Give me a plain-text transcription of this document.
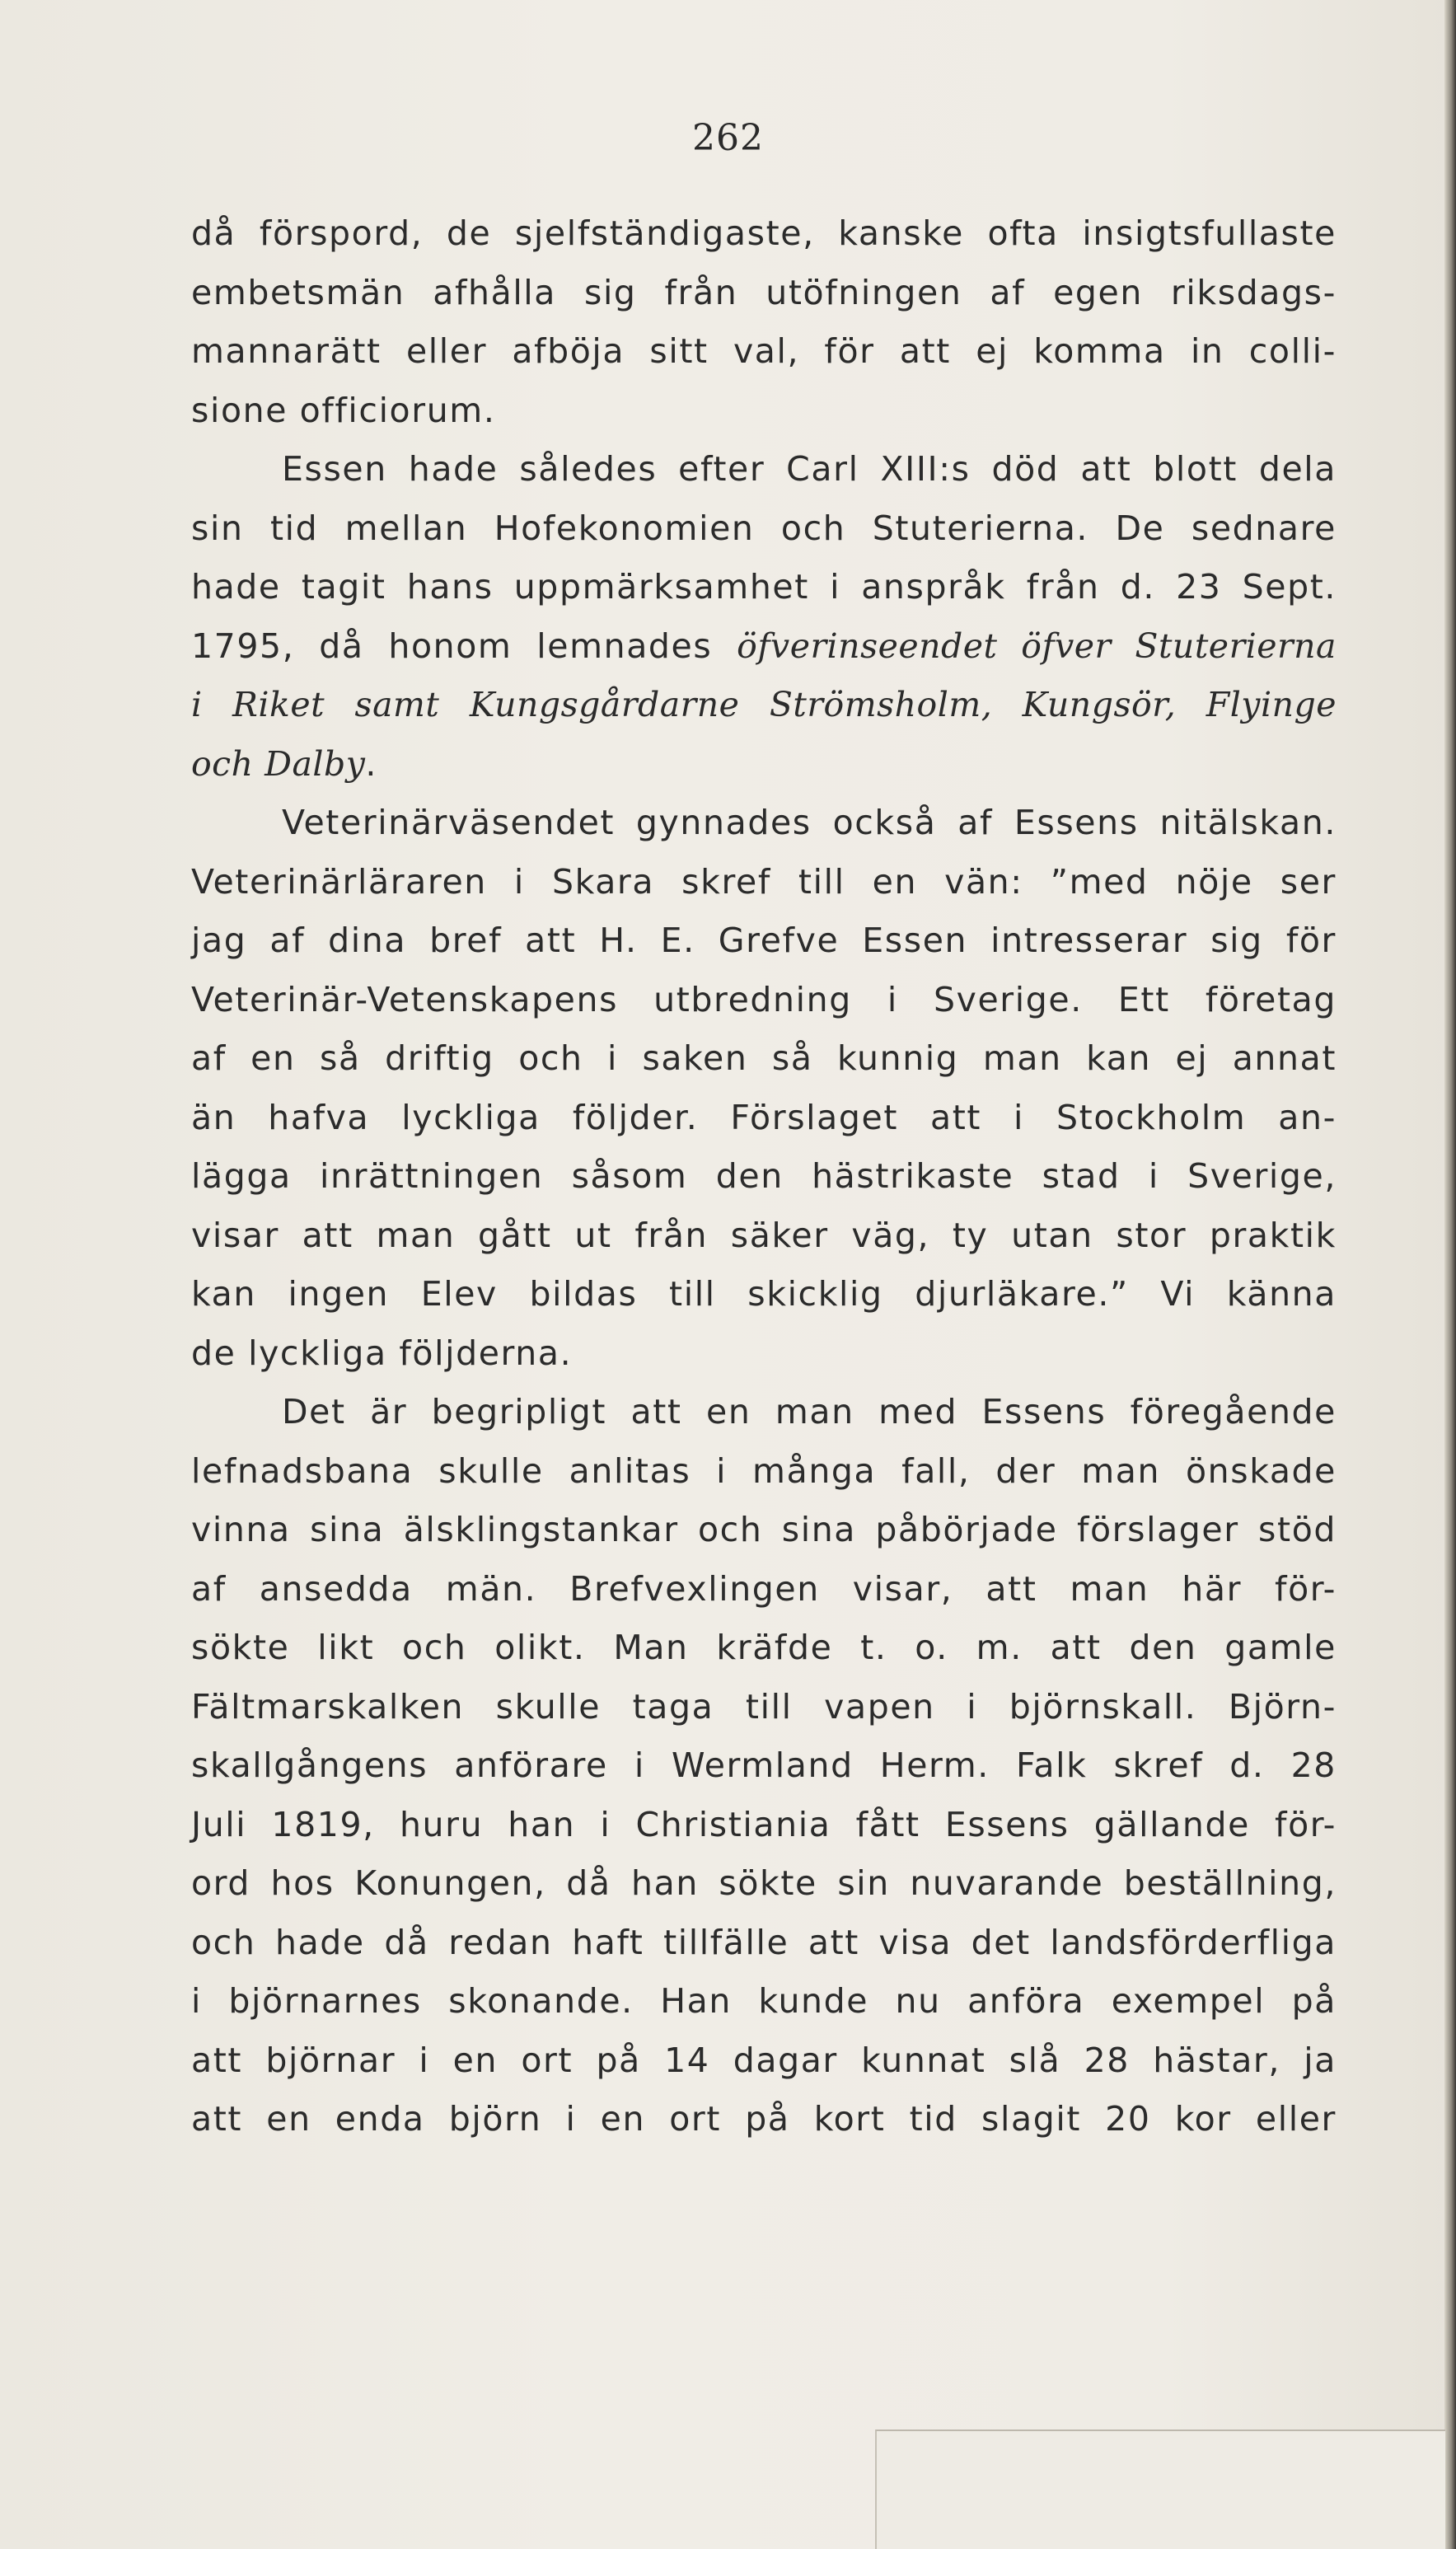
262
då förspord, de sjelfständigaste, kanske ofta insigtsfullaste
embetsmän afhålla sig från utöfningen af egen riksdags-
mannarätt eller afböja sitt val, för att ej komma in colli-
sione officiorum.
Essen hade således efter Carl XIII:s död att blott dela
sin tid mellan Hofekonomien och Stuterierna. De sednare
hade tagit hans uppmärksamhet i anspråk från d. 23 Sept.
1795, då honom lemnades öfverinseendet öfver Stuterierna
i Riket samt Kungsgårdarne Strömsholm, Kungsör, Flyinge
och Dalby.
Veterinärväsendet gynnades också af Essens nitälskan.
Veterinärläraren i Skara skref till en vän: ”med nöje ser
jag af dina bref att H. E. Grefve Essen intresserar sig för
Veterinär-Vetenskapens utbredning i Sverige. Ett företag
af en så driftig och i saken så kunnig man kan ej annat
än hafva lyckliga följder. Förslaget att i Stockholm an-
lägga inrättningen såsom den hästrikaste stad i Sverige,
visar att man gått ut från säker väg, ty utan stor praktik
kan ingen Elev bildas till skicklig djurläkare.” Vi känna
de lyckliga följderna.
Det är begripligt att en man med Essens föregående
lefnadsbana skulle anlitas i många fall, der man önskade
vinna sina älsklingstankar och sina påbörjade förslager stöd
af ansedda män. Brefvexlingen visar, att man här för-
sökte likt och olikt. Man kräfde t. o. m. att den gamle
Fältmarskalken skulle taga till vapen i björnskall. Björn-
skallgångens anförare i Wermland Herm. Falk skref d. 28
Juli 1819, huru han i Christiania fått Essens gällande för-
ord hos Konungen, då han sökte sin nuvarande beställning,
och hade då redan haft tillfälle att visa det landsförderfliga
i björnarnes skonande. Han kunde nu anföra exempel på
att björnar i en ort på 14 dagar kunnat slå 28 hästar, ja
att en enda björn i en ort på kort tid slagit 20 kor eller
